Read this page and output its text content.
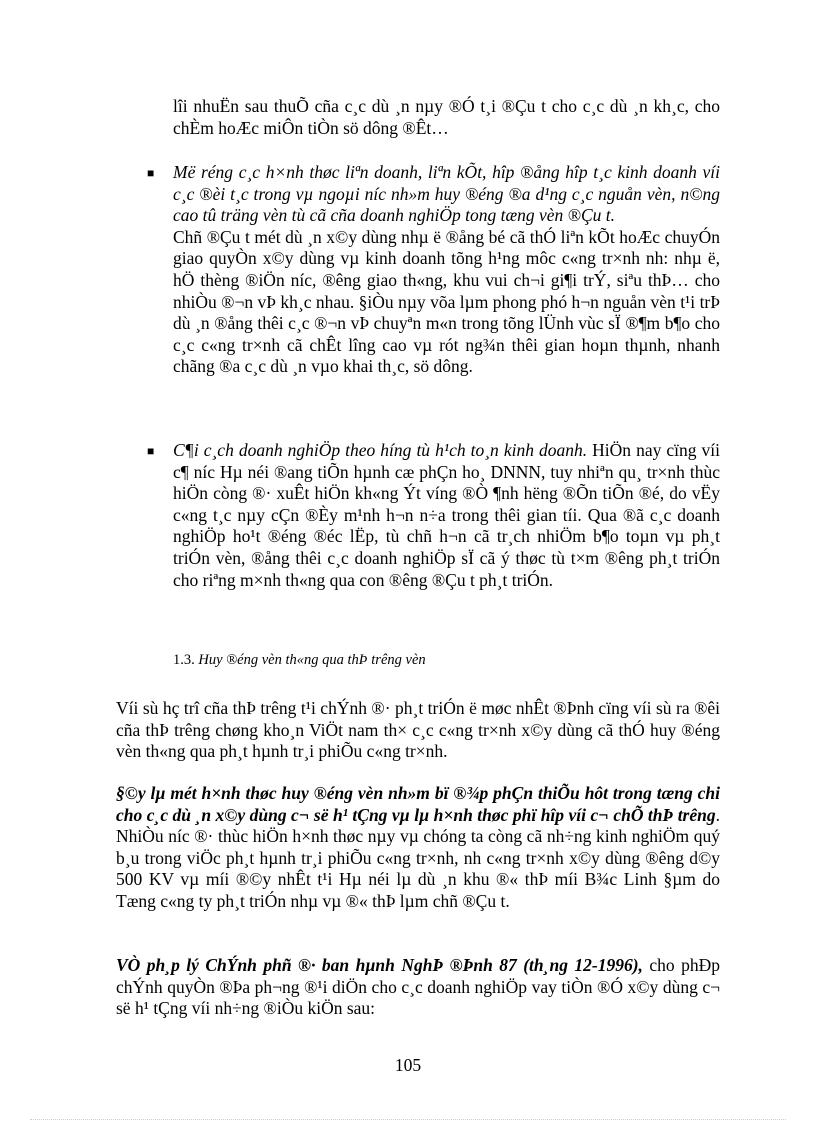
lîi nhuËn sau thuÕ cña c¸c dù ¸n nµy ®Ó t¸i ®Çu t cho c¸c dù ¸n kh¸c, cho chÈm hoÆc miÔn tiÒn sö dông ®Êt…

■ Më réng c¸c h×nh thøc liªn doanh, liªn kÕt, hîp ®ång hîp t¸c kinh doanh víi c¸c ®èi t¸c trong vµ ngoµi níc nh»m huy ®éng ®a d¹ng c¸c nguån vèn, n©ng cao tû träng vèn tù cã cña doanh nghiÖp tong tæng vèn ®Çu t.
Chñ ®Çu t mét dù ¸n x©y dùng nhµ ë ®ång bé cã thÓ liªn kÕt hoÆc chuyÓn giao quyÒn x©y dùng vµ kinh doanh tõng h¹ng môc c«ng tr×nh nh: nhµ ë, hÖ thèng ®iÖn níc, ®êng giao th«ng, khu vui ch¬i gi¶i trÝ, siªu thÞ… cho nhiÒu ®¬n vÞ kh¸c nhau. §iÒu nµy võa lµm phong phó h¬n nguån vèn t¹i trÞ dù ¸n ®ång thêi c¸c ®¬n vÞ chuyªn m«n trong tõng lÜnh vùc sÏ ®¶m b¶o cho c¸c c«ng tr×nh cã chÊt lîng cao vµ rót ng¾n thêi gian hoµn thµnh, nhanh chãng ®a c¸c dù ¸n vµo khai th¸c, sö dông.

■ C¶i c¸ch doanh nghiÖp theo híng tù h¹ch to¸n kinh doanh. HiÖn nay cïng víi c¶ níc Hµ néi ®ang tiÕn hµnh cæ phÇn ho¸ DNNN, tuy nhiªn qu¸ tr×nh thùc hiÖn còng ®· xuÊt hiÖn kh«ng Ýt víng ®Ò ¶nh hëng ®Õn tiÕn ®é, do vËy c«ng t¸c nµy cÇn ®Èy m¹nh h¬n n÷a trong thêi gian tíi. Qua ®ã c¸c doanh nghiÖp ho¹t ®éng ®éc lËp, tù chñ h¬n cã tr¸ch nhiÖm b¶o toµn vµ ph¸t triÓn vèn, ®ång thêi c¸c doanh nghiÖp sÏ cã ý thøc tù t×m ®êng ph¸t triÓn cho riªng m×nh th«ng qua con ®êng ®Çu t ph¸t triÓn.

1.3. Huy ®éng vèn th«ng qua thÞ trêng vèn

Víi sù hç trî cña thÞ trêng t¹i chÝnh ®· ph¸t triÓn ë møc nhÊt ®Þnh cïng víi sù ra ®êi cña thÞ trêng chøng kho¸n ViÖt nam th× c¸c c«ng tr×nh x©y dùng cã thÓ huy ®éng vèn th«ng qua ph¸t hµnh tr¸i phiÕu c«ng tr×nh.

§©y lµ mét h×nh thøc huy ®éng vèn nh»m bï ®¾p phÇn thiÕu hôt trong tæng chi cho c¸c dù ¸n x©y dùng c¬ së h¹ tÇng vµ lµ h×nh thøc phï hîp víi c¬ chÕ thÞ trêng. NhiÒu níc ®· thùc hiÖn h×nh thøc nµy vµ chóng ta còng cã nh÷ng kinh nghiÖm quý b¸u trong viÖc ph¸t hµnh tr¸i phiÕu c«ng tr×nh, nh c«ng tr×nh x©y dùng ®êng d©y 500 KV vµ míi ®©y nhÊt t¹i Hµ néi lµ dù ¸n khu ®« thÞ míi B¾c Linh §µm do Tæng c«ng ty ph¸t triÓn nhµ vµ ®« thÞ lµm chñ ®Çu t.

VÒ ph¸p lý ChÝnh phñ ®· ban hµnh NghÞ ®Þnh 87 (th¸ng 12-1996), cho phÐp chÝnh quyÒn ®Þa ph¬ng ®¹i diÖn cho c¸c doanh nghiÖp vay tiÒn ®Ó x©y dùng c¬ së h¹ tÇng víi nh÷ng ®iÒu kiÖn sau:

105
